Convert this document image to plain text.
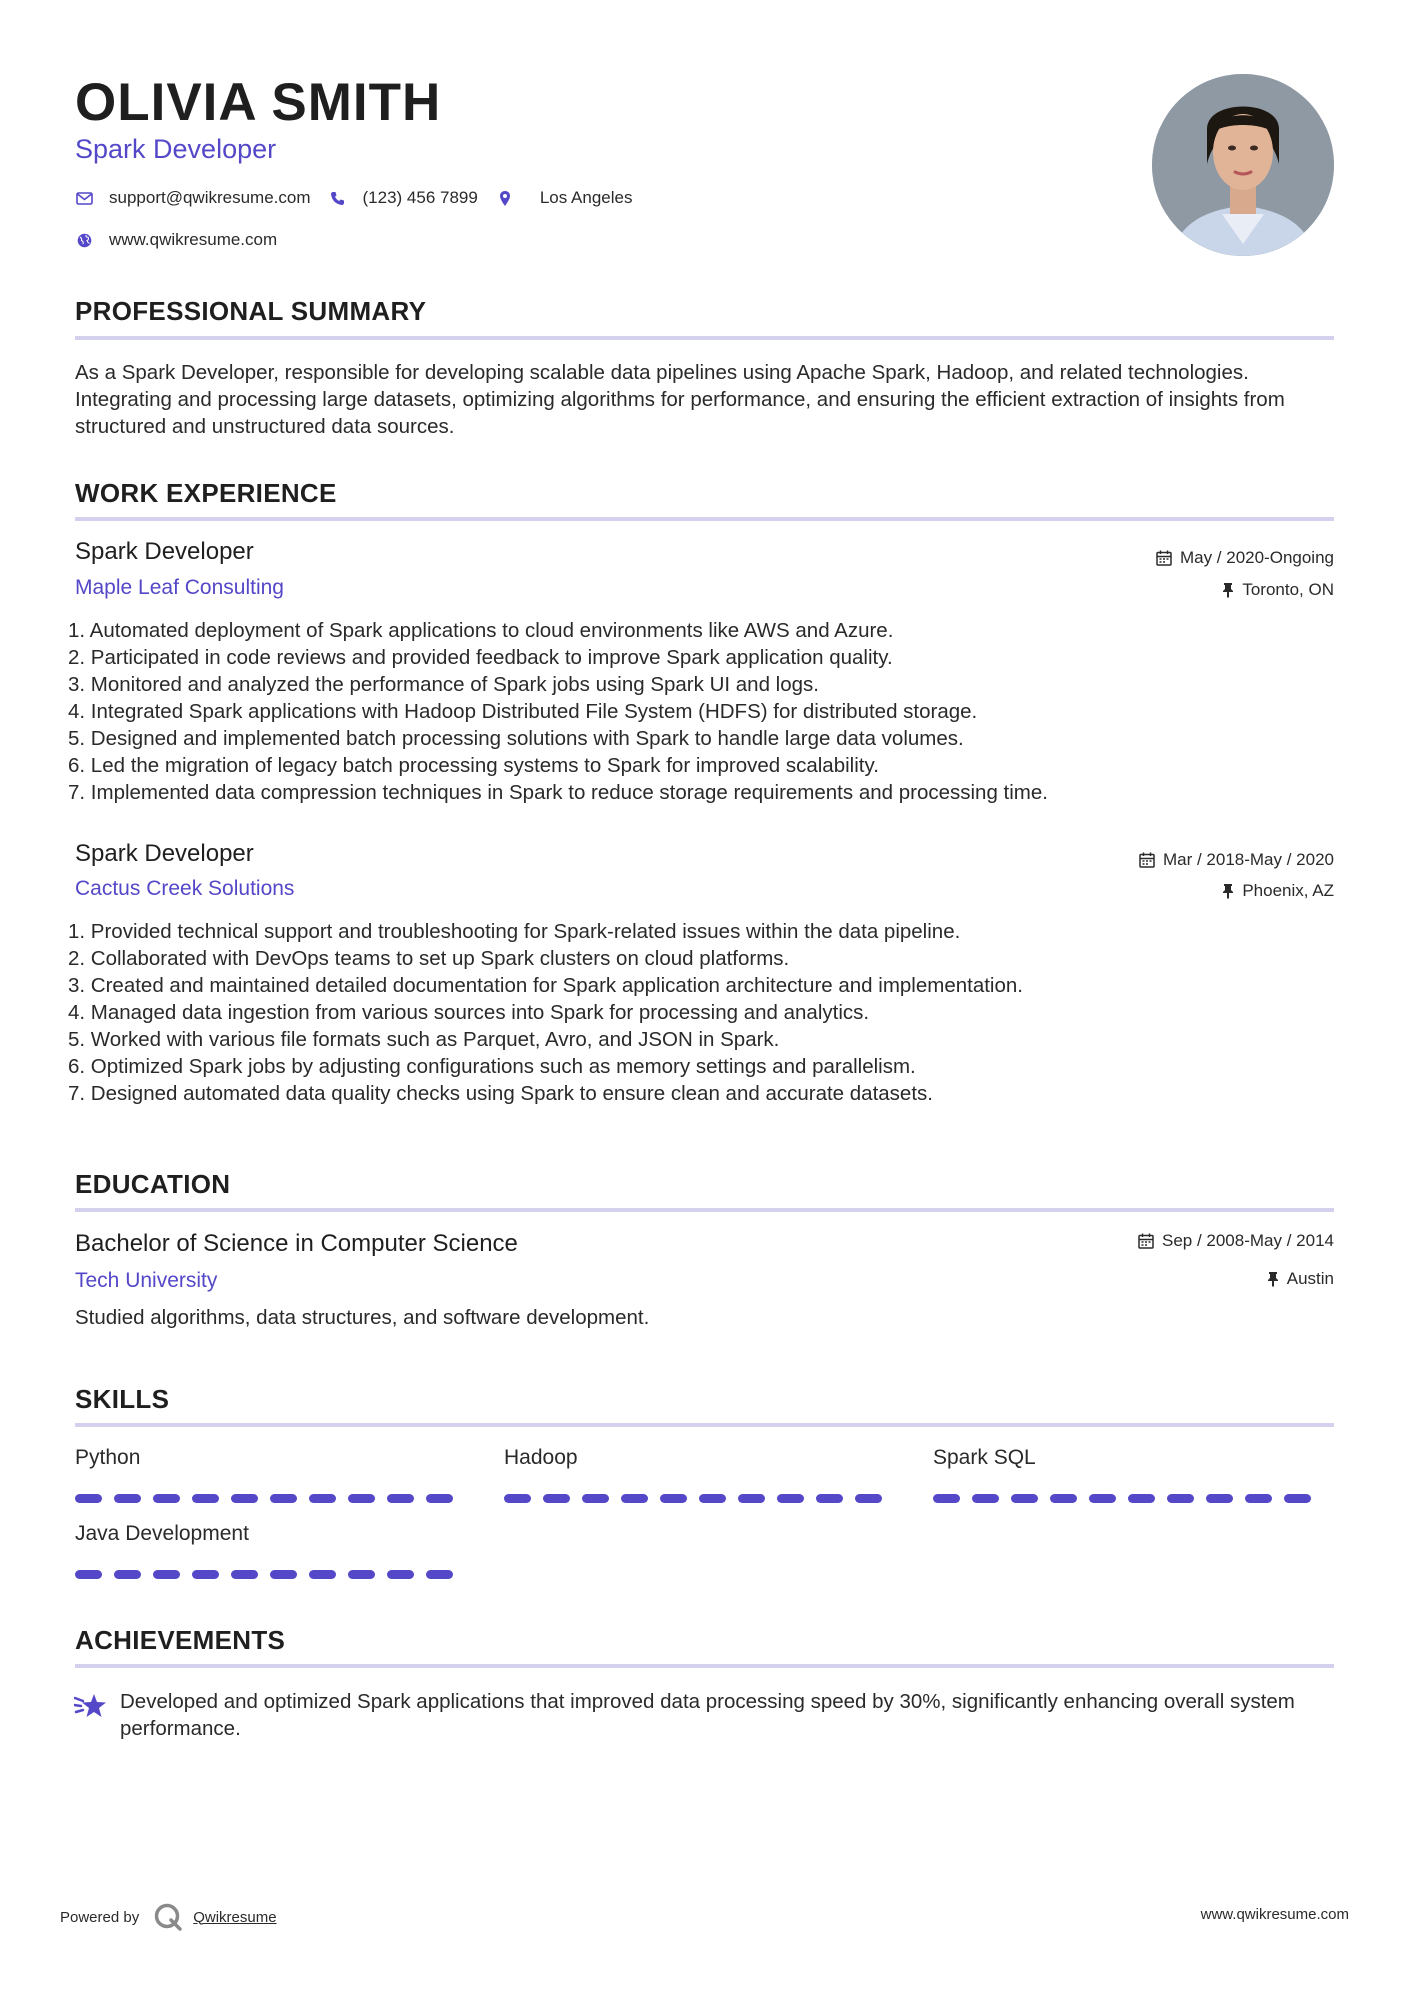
OLIVIA SMITH
Spark Developer
support@qwikresume.com	(123) 456 7899	Los Angeles
www.qwikresume.com
PROFESSIONAL SUMMARY
As a Spark Developer, responsible for developing scalable data pipelines using Apache Spark, Hadoop, and related technologies. Integrating and processing large datasets, optimizing algorithms for performance, and ensuring the efficient extraction of insights from structured and unstructured data sources.
WORK EXPERIENCE
Spark Developer
Maple Leaf Consulting
May / 2020-Ongoing
Toronto, ON
1. Automated deployment of Spark applications to cloud environments like AWS and Azure.
2. Participated in code reviews and provided feedback to improve Spark application quality.
3. Monitored and analyzed the performance of Spark jobs using Spark UI and logs.
4. Integrated Spark applications with Hadoop Distributed File System (HDFS) for distributed storage.
5. Designed and implemented batch processing solutions with Spark to handle large data volumes.
6. Led the migration of legacy batch processing systems to Spark for improved scalability.
7. Implemented data compression techniques in Spark to reduce storage requirements and processing time.
Spark Developer
Cactus Creek Solutions
Mar / 2018-May / 2020
Phoenix, AZ
1. Provided technical support and troubleshooting for Spark-related issues within the data pipeline.
2. Collaborated with DevOps teams to set up Spark clusters on cloud platforms.
3. Created and maintained detailed documentation for Spark application architecture and implementation.
4. Managed data ingestion from various sources into Spark for processing and analytics.
5. Worked with various file formats such as Parquet, Avro, and JSON in Spark.
6. Optimized Spark jobs by adjusting configurations such as memory settings and parallelism.
7. Designed automated data quality checks using Spark to ensure clean and accurate datasets.
EDUCATION
Bachelor of Science in Computer Science
Tech University
Sep / 2008-May / 2014
Austin
Studied algorithms, data structures, and software development.
SKILLS
Python	Hadoop	Spark SQL
Java Development
ACHIEVEMENTS
Developed and optimized Spark applications that improved data processing speed by 30%, significantly enhancing overall system performance.
Powered by	Qwikresume	www.qwikresume.com
